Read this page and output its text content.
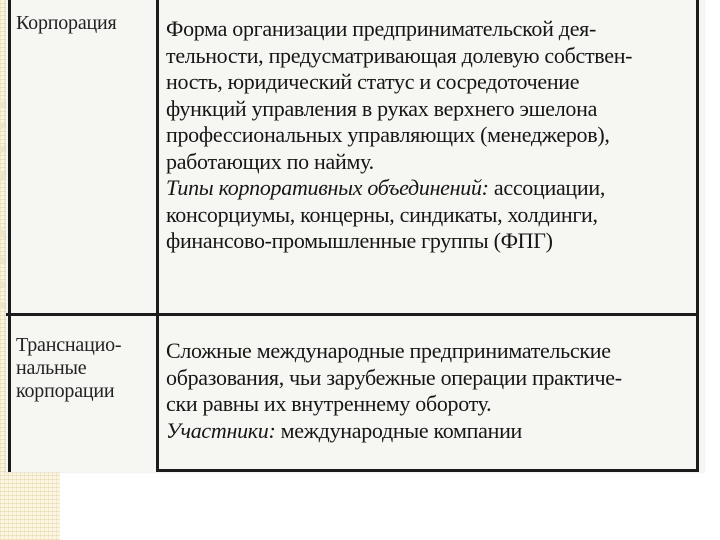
Корпорация	Форма организации предпринимательской дея-
тельности, предусматривающая долевую собствен-
ность, юридический статус и сосредоточение
функций управления в руках верхнего эшелона
профессиональных управляющих (менеджеров),
работающих по найму.
Типы корпоративных объединений: ассоциации,
консорциумы, концерны, синдикаты, холдинги,
финансово-промышленные группы (ФПГ)
Транснацио-
нальные
корпорации
Сложные международные предпринимательские
образования, чьи зарубежные операции практиче-
ски равны их внутреннему обороту.
Участники: международные компании
